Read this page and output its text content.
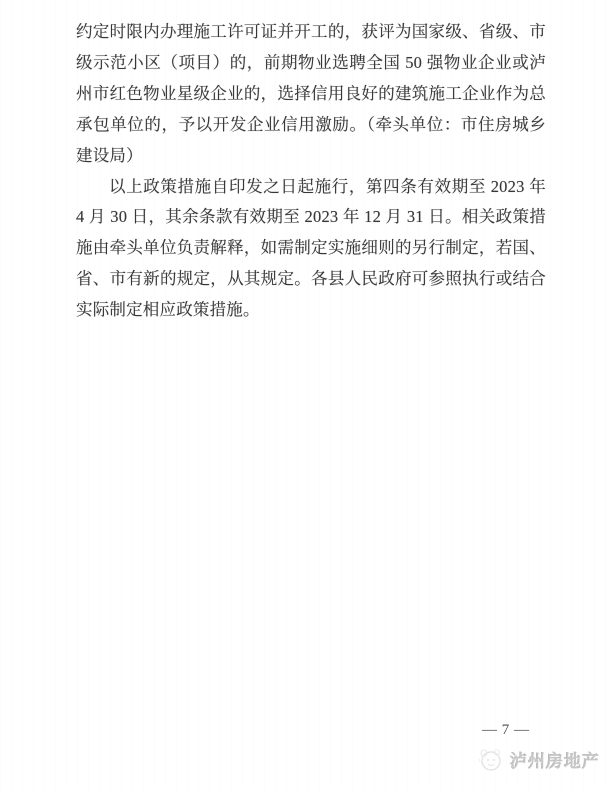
约定时限内办理施工许可证并开工的，获评为国家级、省级、市
级示范小区（项目）的，前期物业选聘全国 50 强物业企业或泸
州市红色物业星级企业的，选择信用良好的建筑施工企业作为总
承包单位的，予以开发企业信用激励。（牵头单位：市住房城乡
建设局）
以上政策措施自印发之日起施行，第四条有效期至 2023 年
4 月 30 日，其余条款有效期至 2023 年 12 月 31 日。相关政策措
施由牵头单位负责解释，如需制定实施细则的另行制定，若国、
省、市有新的规定，从其规定。各县人民政府可参照执行或结合
实际制定相应政策措施。
— 7 —
泸州房地产
